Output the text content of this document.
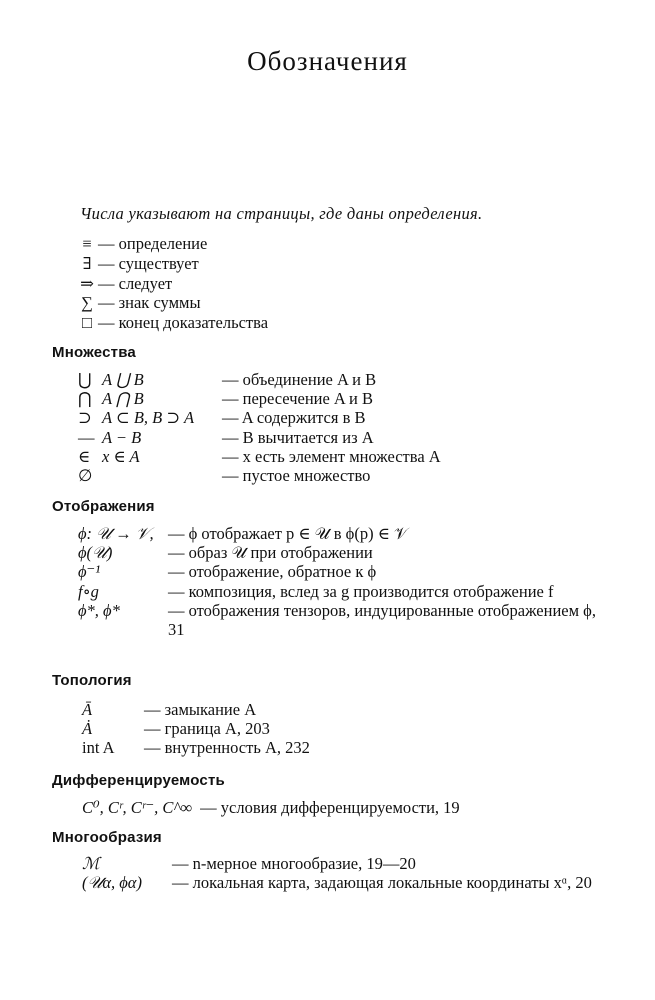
Обозначения
Числа указывают на страницы, где даны определения.
≡ — определение
∃ — существует
⇒ — следует
∑ — знак суммы
□ — конец доказательства
Множества
⋃ A ⋃ B	— объединение A и B
⋂ A ⋂ B	— пересечение A и B
⊃ A ⊂ B, B ⊃ A	— A содержится в B
— A − B	— B вычитается из A
∈ x ∈ A	— x есть элемент множества A
∅	— пустое множество
Отображения
ϕ: 𝒰 → 𝒱, — ϕ отображает p ∈ 𝒰 в ϕ(p) ∈ 𝒱
ϕ(𝒰)	— образ 𝒰 при отображении
ϕ⁻¹	— отображение, обратное к ϕ
f∘g	— композиция, вслед за g производится отображение f
ϕ*, ϕ*	— отображения тензоров, индуцированные отображением ϕ, 31
Топология
Ā	— замыкание A
Ȧ	— граница A, 203
int A	— внутренность A, 232
Дифференцируемость
C⁰, Cʳ, Cʳ⁻, C^∞ — условия дифференцируемости, 19
Многообразия
ℳ	— n-мерное многообразие, 19—20
(𝒰α, ϕα)	— локальная карта, задающая локальные координаты xᵅ, 20
